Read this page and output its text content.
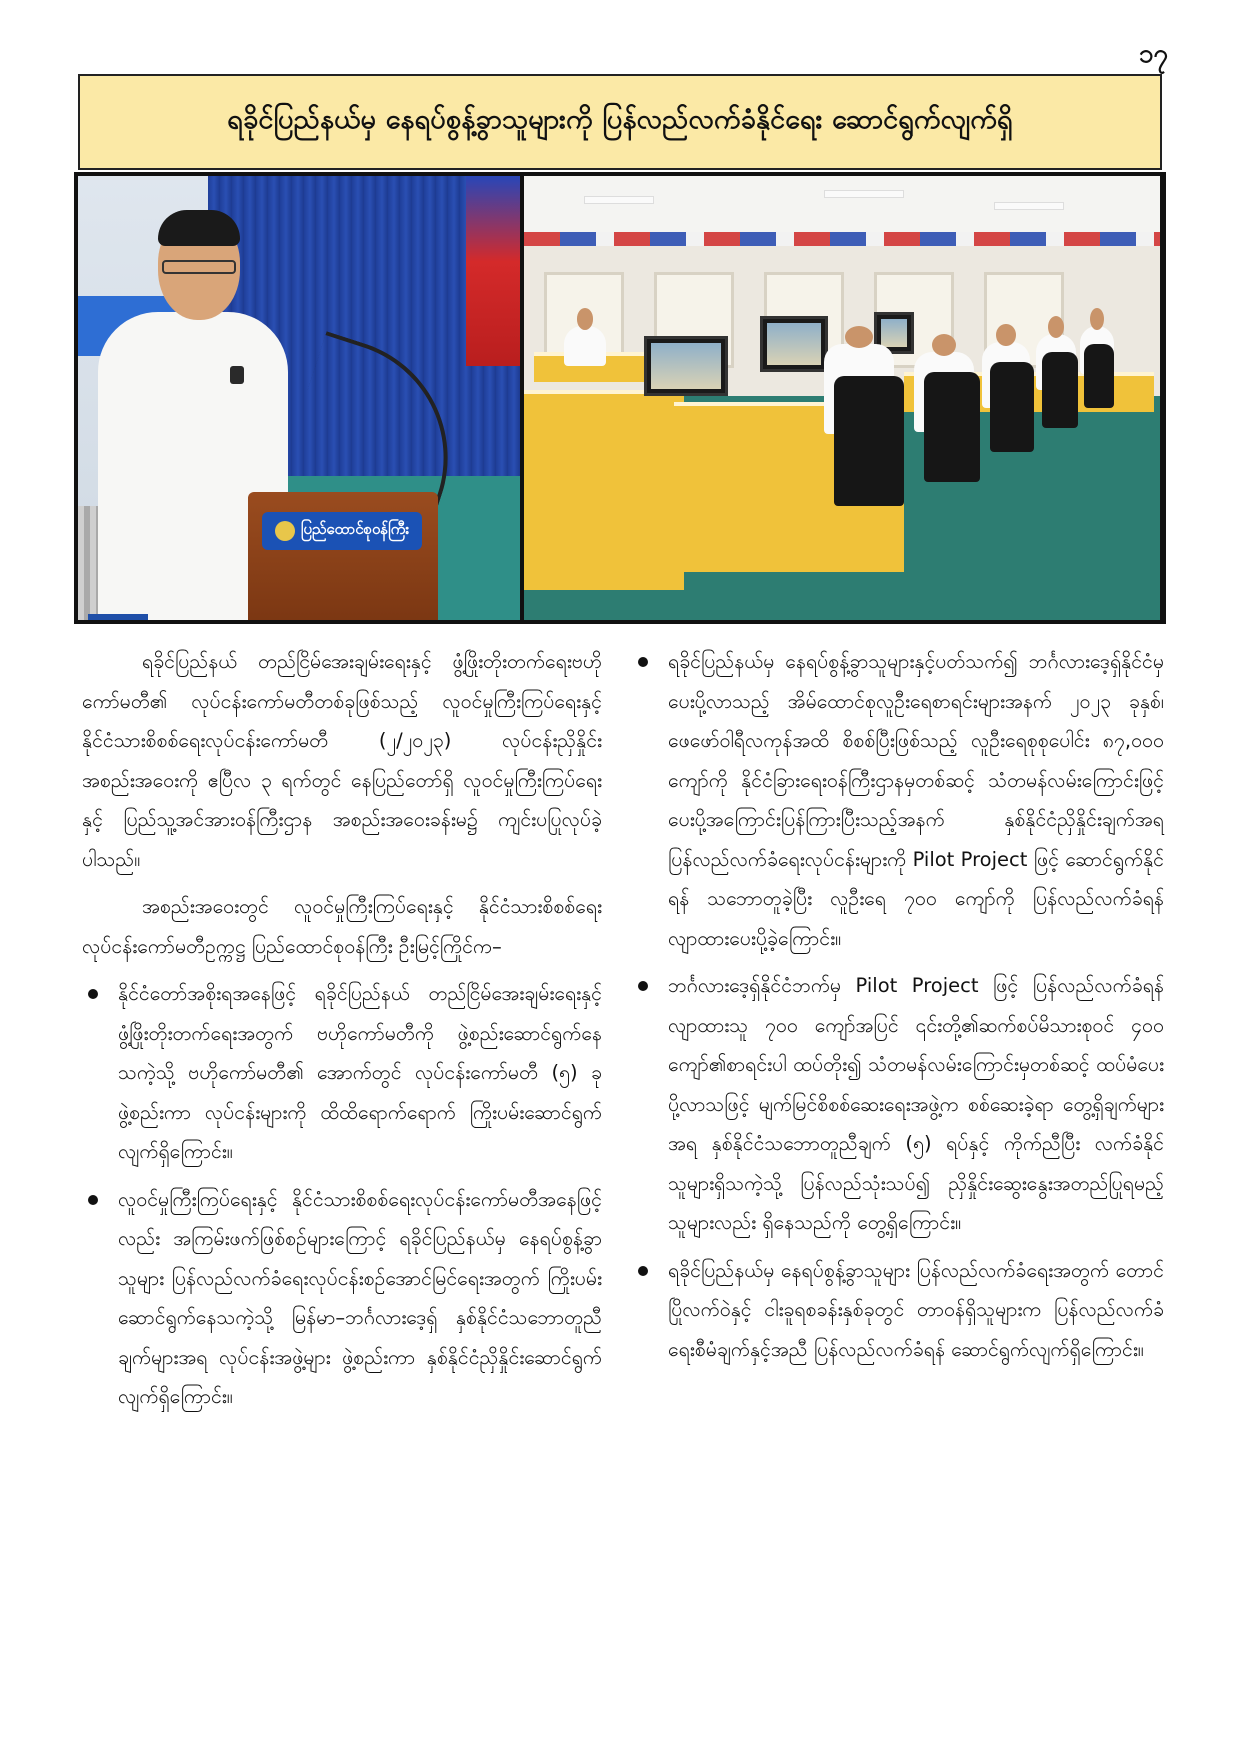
၁၇
ရခိုင်ပြည်နယ်မှ နေရပ်စွန့်ခွာသူများကို ပြန်လည်လက်ခံနိုင်ရေး ဆောင်ရွက်လျက်ရှိ
ပြည်ထောင်စုဝန်ကြီး

ရခိုင်ပြည်နယ် တည်ငြိမ်အေးချမ်းရေးနှင့် ဖွံ့ဖြိုးတိုးတက်ရေးဗဟိုကော်မတီ၏ လုပ်ငန်းကော်မတီတစ်ခုဖြစ်သည့် လူဝင်မှုကြီးကြပ်ရေးနှင့် နိုင်ငံသားစိစစ်ရေးလုပ်ငန်းကော်မတီ (၂/၂၀၂၃) လုပ်ငန်းညှိနှိုင်းအစည်းအဝေးကို ဧပြီလ ၃ ရက်တွင် နေပြည်တော်ရှိ လူဝင်မှုကြီးကြပ်ရေးနှင့် ပြည်သူ့အင်အားဝန်ကြီးဌာန အစည်းအဝေးခန်းမ၌ ကျင်းပပြုလုပ်ခဲ့ပါသည်။

အစည်းအဝေးတွင် လူဝင်မှုကြီးကြပ်ရေးနှင့် နိုင်ငံသားစိစစ်ရေးလုပ်ငန်းကော်မတီဥက္ကဋ္ဌ ပြည်ထောင်စုဝန်ကြီး ဦးမြင့်ကြိုင်က–

နိုင်ငံတော်အစိုးရအနေဖြင့် ရခိုင်ပြည်နယ် တည်ငြိမ်အေးချမ်းရေးနှင့် ဖွံ့ဖြိုးတိုးတက်ရေးအတွက် ဗဟိုကော်မတီကို ဖွဲ့စည်းဆောင်ရွက်နေသကဲ့သို့ ဗဟိုကော်မတီ၏ အောက်တွင် လုပ်ငန်းကော်မတီ (၅) ခု ဖွဲ့စည်းကာ လုပ်ငန်းများကို ထိထိရောက်ရောက် ကြိုးပမ်းဆောင်ရွက်လျက်ရှိကြောင်း။
လူဝင်မှုကြီးကြပ်ရေးနှင့် နိုင်ငံသားစိစစ်ရေးလုပ်ငန်းကော်မတီအနေဖြင့်လည်း အကြမ်းဖက်ဖြစ်စဉ်များကြောင့် ရခိုင်ပြည်နယ်မှ နေရပ်စွန့်ခွာသူများ ပြန်လည်လက်ခံရေးလုပ်ငန်းစဉ်အောင်မြင်ရေးအတွက် ကြိုးပမ်းဆောင်ရွက်နေသကဲ့သို့ မြန်မာ–ဘင်္ဂလားဒေ့ရှ် နှစ်နိုင်ငံသဘောတူညီချက်များအရ လုပ်ငန်းအဖွဲ့များ ဖွဲ့စည်းကာ နှစ်နိုင်ငံညှိနှိုင်းဆောင်ရွက်လျက်ရှိကြောင်း။
ရခိုင်ပြည်နယ်မှ နေရပ်စွန့်ခွာသူများနှင့်ပတ်သက်၍ ဘင်္ဂလားဒေ့ရှ်နိုင်ငံမှ ပေးပို့လာသည့် အိမ်ထောင်စုလူဦးရေစာရင်းများအနက် ၂၀၂၃ ခုနှစ်၊ ဖေဖော်ဝါရီလကုန်အထိ စိစစ်ပြီးဖြစ်သည့် လူဦးရေစုစုပေါင်း ၈၇,၀၀၀ ကျော်ကို နိုင်ငံခြားရေးဝန်ကြီးဌာနမှတစ်ဆင့် သံတမန်လမ်းကြောင်းဖြင့် ပေးပို့အကြောင်းပြန်ကြားပြီးသည့်အနက် နှစ်နိုင်ငံညှိနှိုင်းချက်အရ ပြန်လည်လက်ခံရေးလုပ်ငန်းများကို Pilot Project ဖြင့် ဆောင်ရွက်နိုင်ရန် သဘောတူခဲ့ပြီး လူဦးရေ ၇၀၀ ကျော်ကို ပြန်လည်လက်ခံရန် လျာထားပေးပို့ခဲ့ကြောင်း။
ဘင်္ဂလားဒေ့ရှ်နိုင်ငံဘက်မှ Pilot Project ဖြင့် ပြန်လည်လက်ခံရန် လျာထားသူ ၇၀၀ ကျော်အပြင် ၎င်းတို့၏ဆက်စပ်မိသားစုဝင် ၄၀၀ ကျော်၏စာရင်းပါ ထပ်တိုး၍ သံတမန်လမ်းကြောင်းမှတစ်ဆင့် ထပ်မံပေးပို့လာသဖြင့် မျက်မြင်စိစစ်ဆေးရေးအဖွဲ့က စစ်ဆေးခဲ့ရာ တွေ့ရှိချက်များအရ နှစ်နိုင်ငံသဘောတူညီချက် (၅) ရပ်နှင့် ကိုက်ညီပြီး လက်ခံနိုင်သူများရှိသကဲ့သို့ ပြန်လည်သုံးသပ်၍ ညှိနှိုင်းဆွေးနွေးအတည်ပြုရမည့်သူများလည်း ရှိနေသည်ကို တွေ့ရှိကြောင်း။
ရခိုင်ပြည်နယ်မှ နေရပ်စွန့်ခွာသူများ ပြန်လည်လက်ခံရေးအတွက် တောင်ပြိုလက်ဝဲနှင့် ငါးခူရစခန်းနှစ်ခုတွင် တာဝန်ရှိသူများက ပြန်လည်လက်ခံရေးစီမံချက်နှင့်အညီ ပြန်လည်လက်ခံရန် ဆောင်ရွက်လျက်ရှိကြောင်း။
